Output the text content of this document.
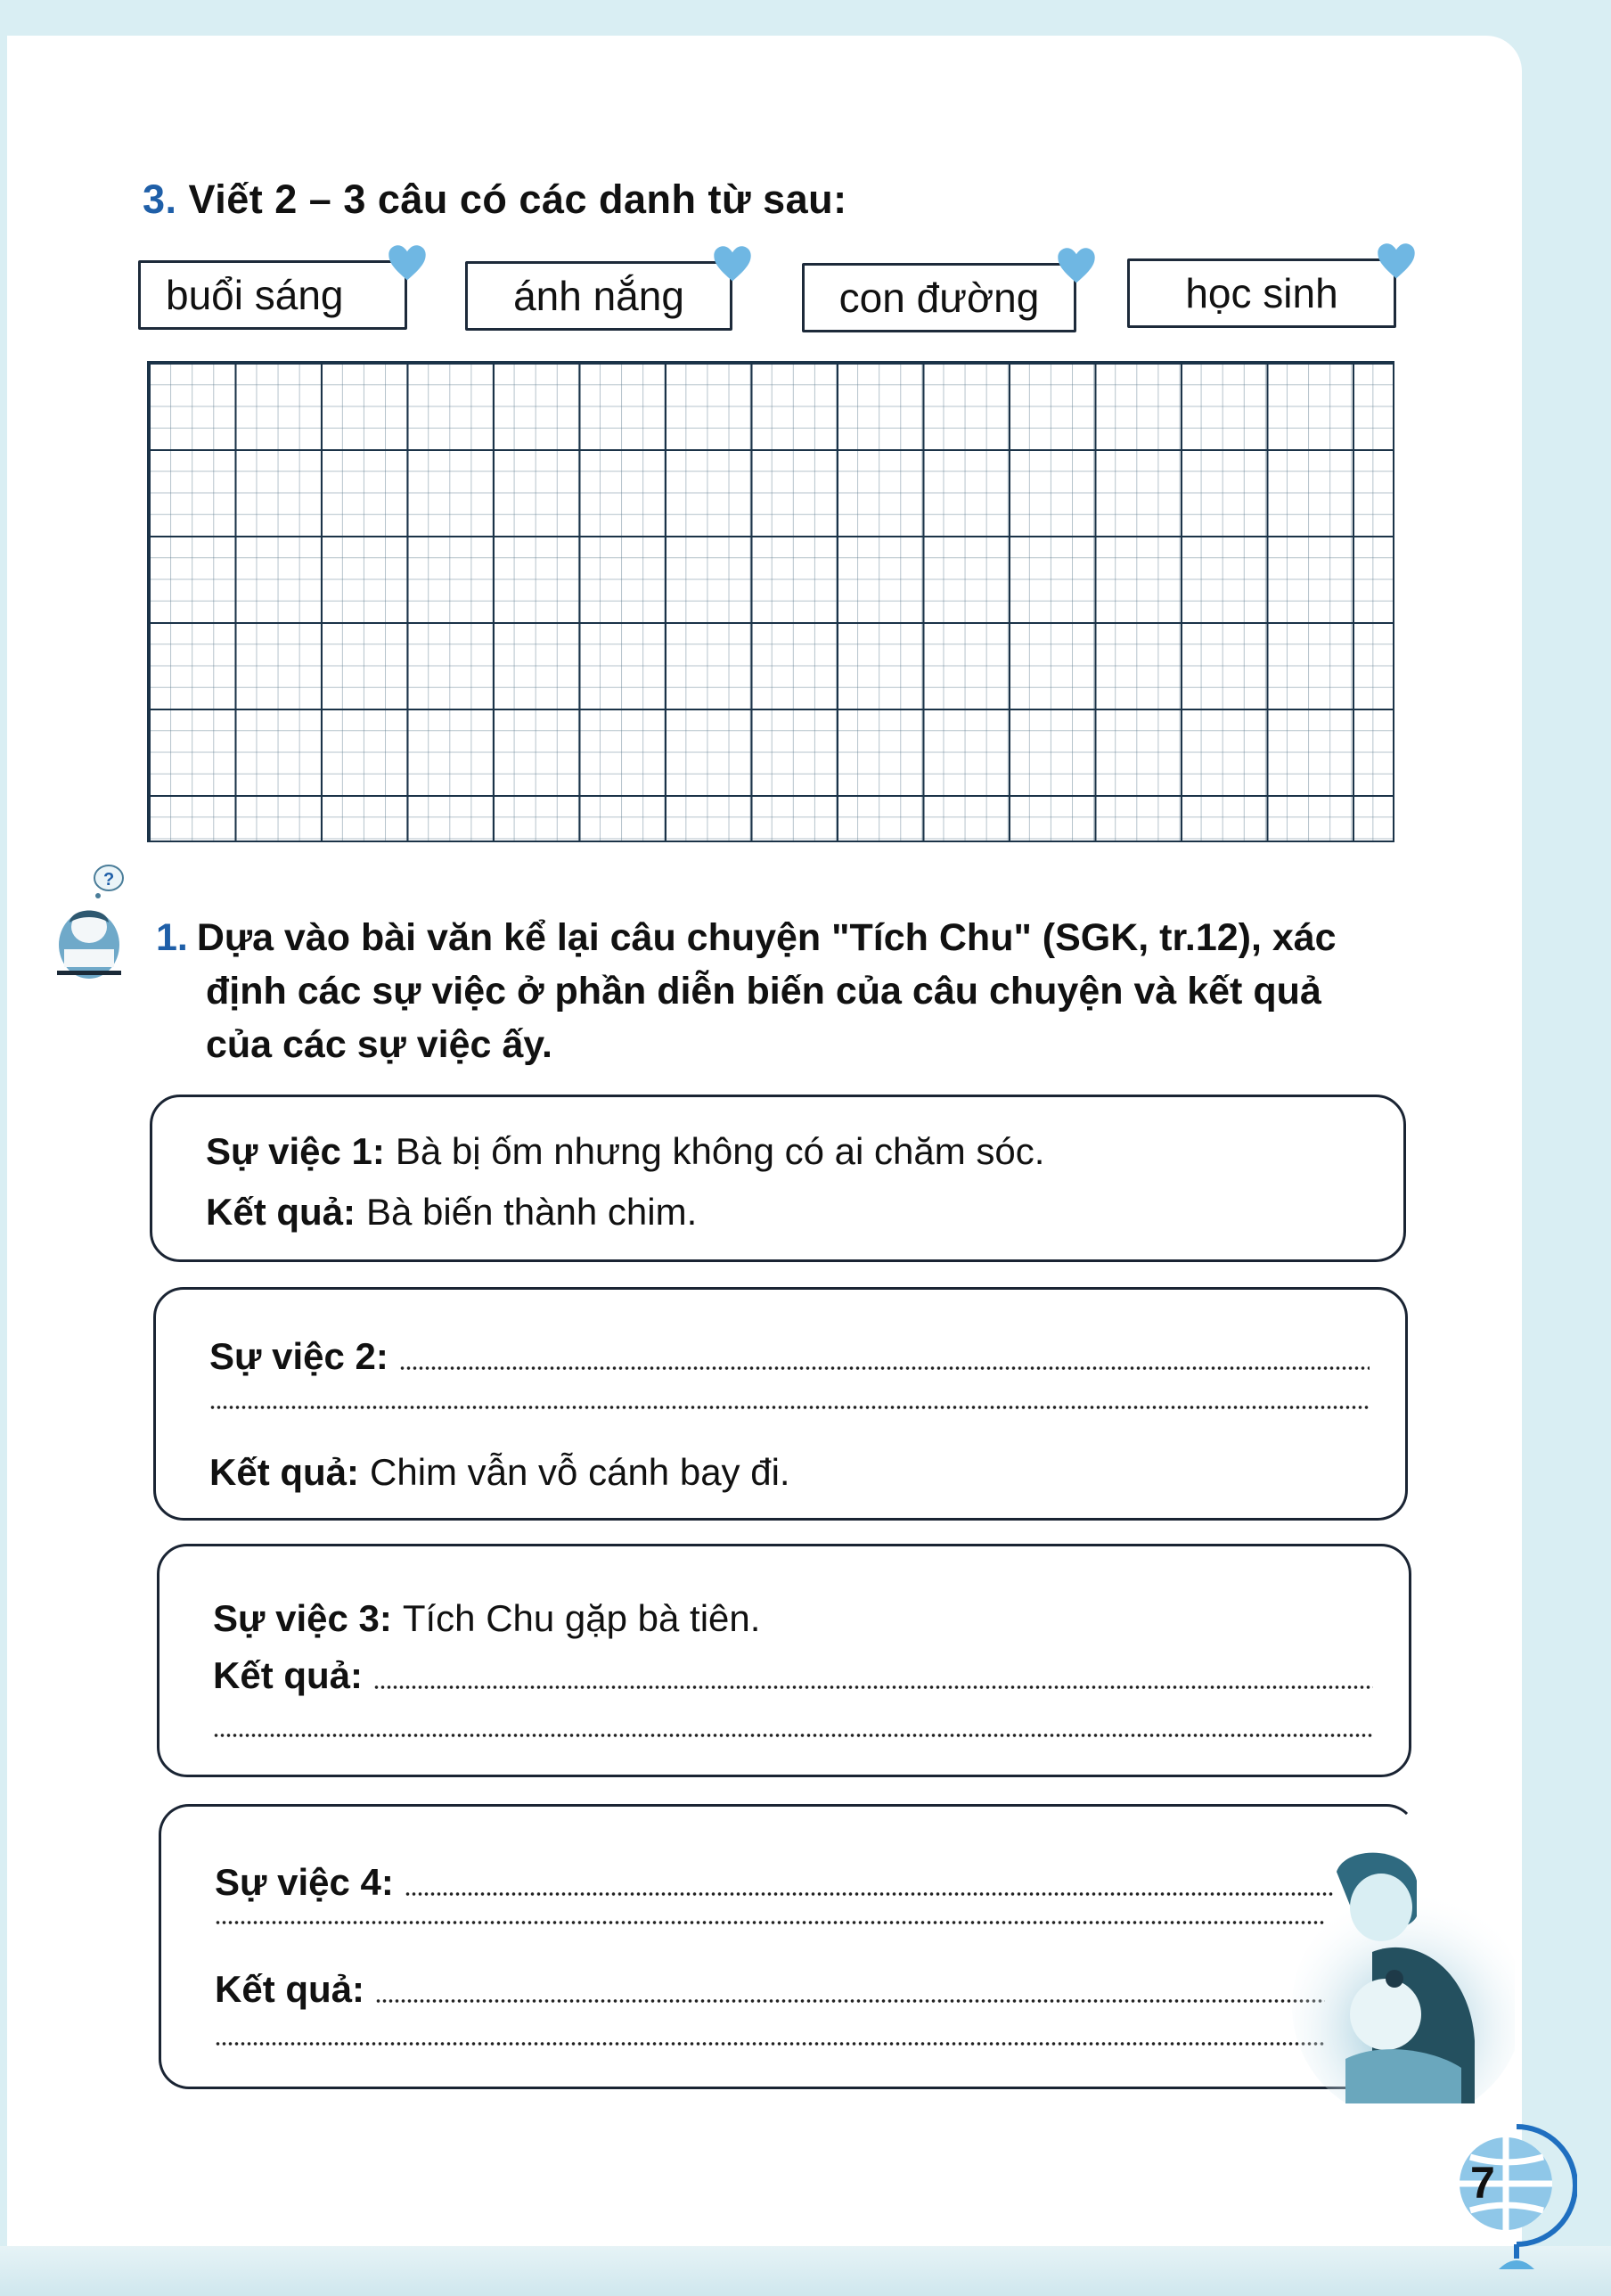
3. Viết 2 – 3 câu có các danh từ sau:
buổi sáng	ánh nắng	con đường	học sinh
?
1. Dựa vào bài văn kể lại câu chuyện "Tích Chu" (SGK, tr.12), xác
định các sự việc ở phần diễn biến của câu chuyện và kết quả
của các sự việc ấy.
Sự việc 1: Bà bị ốm nhưng không có ai chăm sóc.
Kết quả: Bà biến thành chim.
Sự việc 2:
Kết quả: Chim vẫn vỗ cánh bay đi.
Sự việc 3: Tích Chu gặp bà tiên.
Kết quả:
Sự việc 4:
Kết quả:
7
